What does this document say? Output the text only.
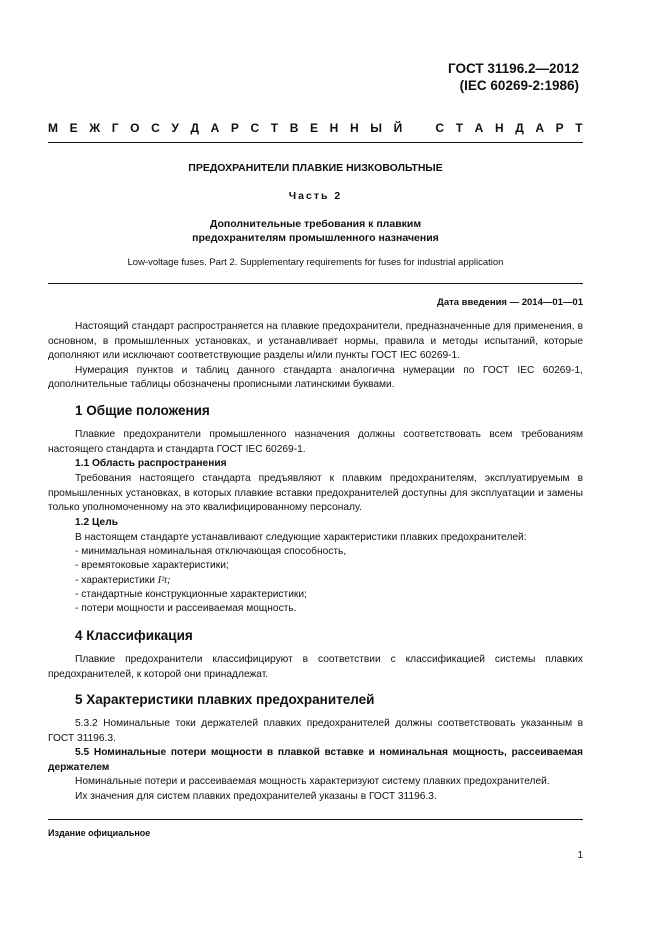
ГОСТ 31196.2—2012
(IEC 60269-2:1986)
М Е Ж Г О С У Д А Р С Т В Е Н Н Ы Й	С Т А Н Д А Р Т
ПРЕДОХРАНИТЕЛИ ПЛАВКИЕ НИЗКОВОЛЬТНЫЕ
Часть 2
Дополнительные требования к плавким
предохранителям промышленного назначения
Low-voltage fuses. Part 2. Supplementary requirements for fuses for industrial application
Дата введения — 2014—01—01

Настоящий стандарт распространяется на плавкие предохранители, предназначенные для применения, в основном, в промышленных установках, и устанавливает нормы, правила и методы испытаний, которые дополняют или исключают соответствующие разделы и/или пункты ГОСТ IEC 60269-1.

Нумерация пунктов и таблиц данного стандарта аналогична нумерации по ГОСТ IEC 60269-1, дополнительные таблицы обозначены прописными латинскими буквами.

1 Общие положения

Плавкие предохранители промышленного назначения должны соответствовать всем требованиям настоящего стандарта и стандарта ГОСТ IEC 60269-1.

1.1 Область распространения

Требования настоящего стандарта предъявляют к плавким предохранителям, эксплуатируемым в промышленных установках, в которых плавкие вставки предохранителей доступны для эксплуатации и замены только уполномоченному на это квалифицированному персоналу.

1.2 Цель

В настоящем стандарте устанавливают следующие характеристики плавких предохранителей:

- минимальная номинальная отключающая способность,
- времятоковые характеристики;
- характеристики I²t;
- стандартные конструкционные характеристики;
- потери мощности и рассеиваемая мощность.
4 Классификация

Плавкие предохранители классифицируют в соответствии с классификацией системы плавких предохранителей, к которой они принадлежат.

5 Характеристики плавких предохранителей

5.3.2 Номинальные токи держателей плавких предохранителей должны соответствовать указанным в ГОСТ 31196.3.

5.5 Номинальные потери мощности в плавкой вставке и номинальная мощность, рассеиваемая держателем

Номинальные потери и рассеиваемая мощность характеризуют систему плавких предохранителей.

Их значения для систем плавких предохранителей указаны в ГОСТ 31196.3.

Издание официальное
1
